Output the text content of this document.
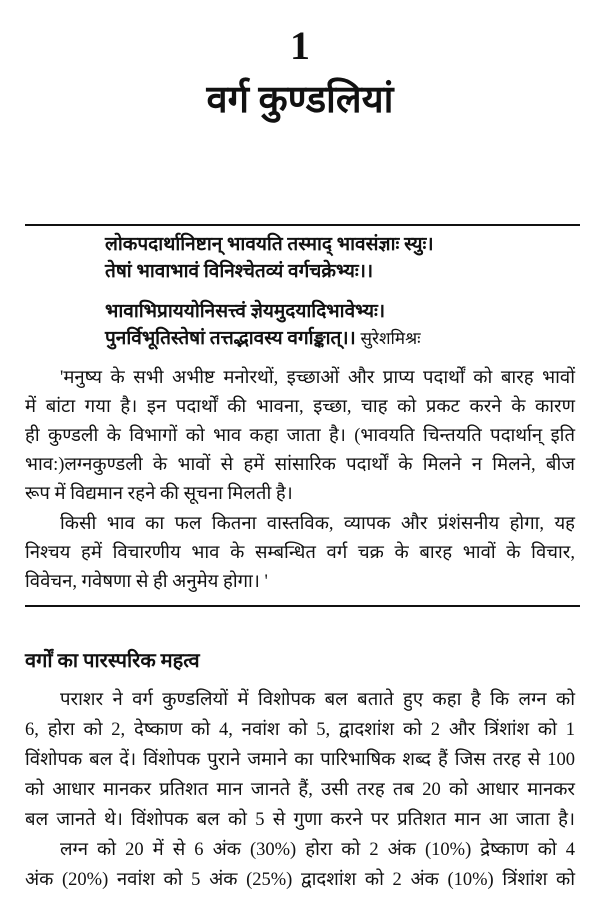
1
वर्ग कुण्डलियां
लोकपदार्थानिष्टान् भावयति तस्माद् भावसंज्ञाः स्युः।
तेषां भावाभावं विनिश्चेतव्यं वर्गचक्रेभ्यः।।
भावाभिप्राययोनिसत्त्वं ज्ञेयमुदयादिभावेभ्यः।
पुनर्विभूतिस्तेषां तत्तद्भावस्य वर्गाङ्कात्।। सुरेशमिश्रः
'मनुष्य के सभी अभीष्ट मनोरथों, इच्छाओं और प्राप्य पदार्थों को बारह भावों
में बांटा गया है। इन पदार्थों की भावना, इच्छा, चाह को प्रकट करने के कारण
ही कुण्डली के विभागों को भाव कहा जाता है। (भावयति चिन्तयति पदार्थान् इति
भाव:)लग्नकुण्डली के भावों से हमें सांसारिक पदार्थों के मिलने न मिलने, बीज
रूप में विद्यमान रहने की सूचना मिलती है।
किसी भाव का फल कितना वास्तविक, व्यापक और प्रंशंसनीय होगा, यह
निश्चय हमें विचारणीय भाव के सम्बन्धित वर्ग चक्र के बारह भावों के विचार,
विवेचन, गवेषणा से ही अनुमेय होगा। '
वर्गों का पारस्परिक महत्व
पराशर ने वर्ग कुण्डलियों में विशोपक बल बताते हुए कहा है कि लग्न को
6, होरा को 2, देष्काण को 4, नवांश को 5, द्वादशांश को 2 और त्रिंशांश को 1
विंशोपक बल दें। विंशोपक पुराने जमाने का पारिभाषिक शब्द हैं जिस तरह से 100
को आधार मानकर प्रतिशत मान जानते हैं, उसी तरह तब 20 को आधार मानकर
बल जानते थे। विंशोपक बल को 5 से गुणा करने पर प्रतिशत मान आ जाता है।
लग्न को 20 में से 6 अंक (30%) होरा को 2 अंक (10%) द्रेष्काण को 4
अंक (20%) नवांश को 5 अंक (25%) द्वादशांश को 2 अंक (10%) त्रिंशांश को
